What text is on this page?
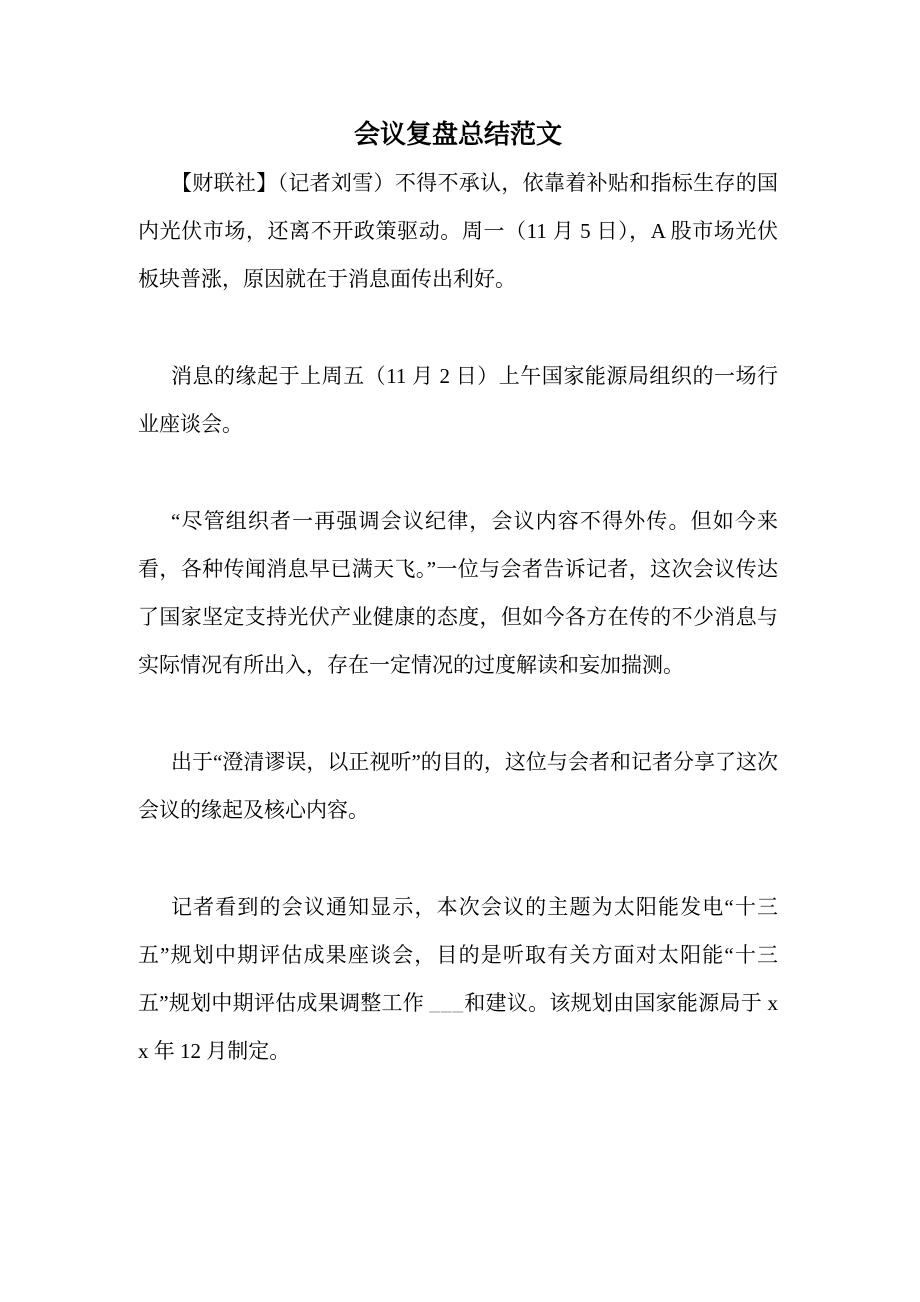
会议复盘总结范文

【财联社】（记者刘雪）不得不承认，依靠着补贴和指标生存的国内光伏市场，还离不开政策驱动。周一（11 月 5 日），A 股市场光伏板块普涨，原因就在于消息面传出利好。

消息的缘起于上周五（11 月 2 日）上午国家能源局组织的一场行业座谈会。

“尽管组织者一再强调会议纪律，会议内容不得外传。但如今来看，各种传闻消息早已满天飞。”一位与会者告诉记者，这次会议传达了国家坚定支持光伏产业健康的态度，但如今各方在传的不少消息与实际情况有所出入，存在一定情况的过度解读和妄加揣测。

出于“澄清谬误，以正视听”的目的，这位与会者和记者分享了这次会议的缘起及核心内容。

记者看到的会议通知显示，本次会议的主题为太阳能发电“十三五”规划中期评估成果座谈会，目的是听取有关方面对太阳能“十三五”规划中期评估成果调整工作 ___和建议。该规划由国家能源局于 xx 年 12 月制定。
